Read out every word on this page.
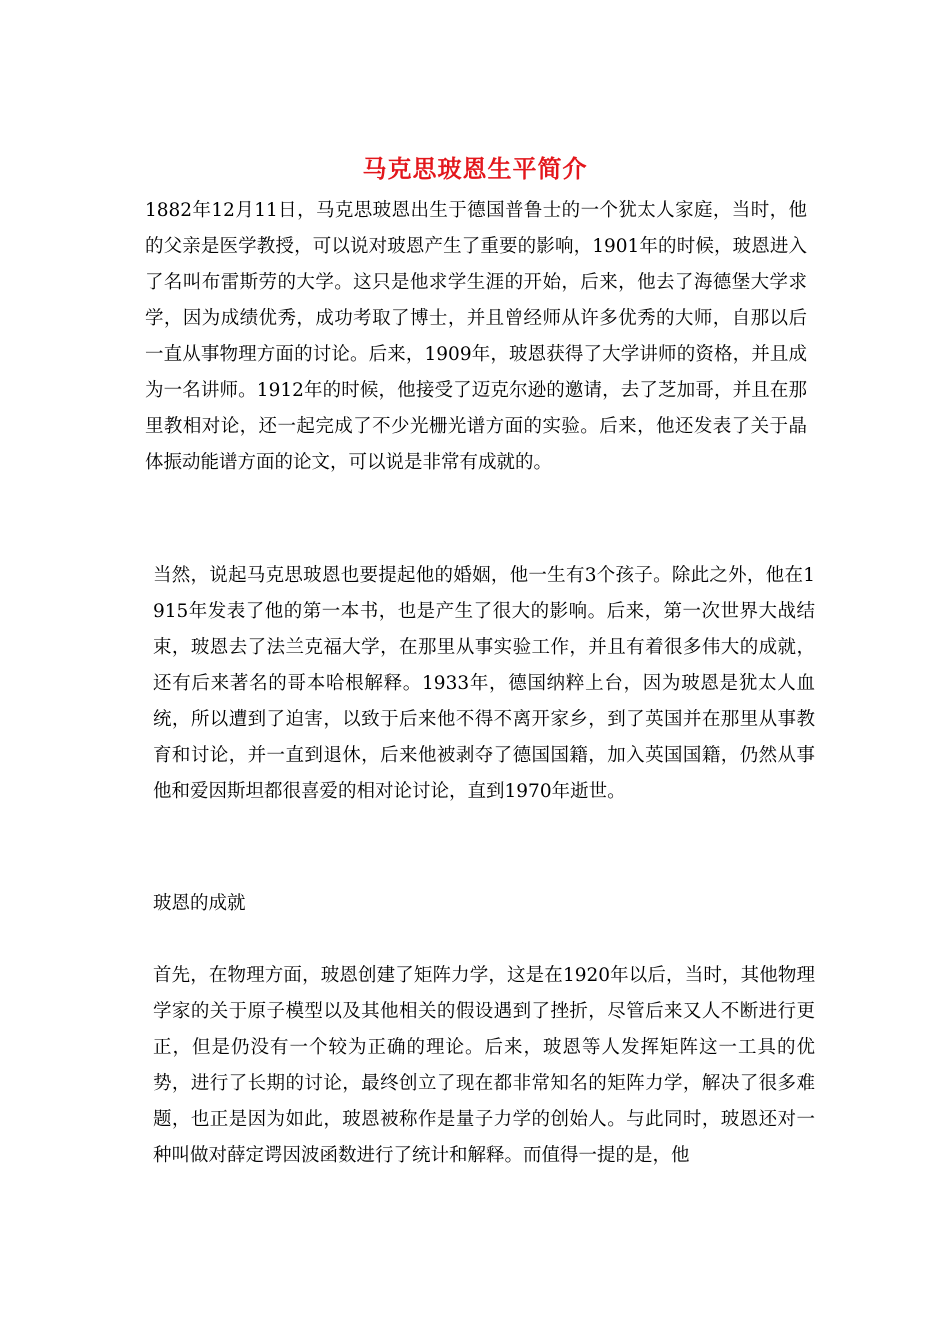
马克思玻恩生平简介

1882年12月11日，马克思玻恩出生于德国普鲁士的一个犹太人家庭，当时，他的父亲是医学教授，可以说对玻恩产生了重要的影响，1901年的时候，玻恩进入了名叫布雷斯劳的大学。这只是他求学生涯的开始，后来，他去了海德堡大学求学，因为成绩优秀，成功考取了博士，并且曾经师从许多优秀的大师，自那以后一直从事物理方面的讨论。后来，1909年，玻恩获得了大学讲师的资格，并且成为一名讲师。1912年的时候，他接受了迈克尔逊的邀请，去了芝加哥，并且在那里教相对论，还一起完成了不少光栅光谱方面的实验。后来，他还发表了关于晶体振动能谱方面的论文，可以说是非常有成就的。

当然，说起马克思玻恩也要提起他的婚姻，他一生有3个孩子。除此之外，他在1915年发表了他的第一本书，也是产生了很大的影响。后来，第一次世界大战结束，玻恩去了法兰克福大学，在那里从事实验工作，并且有着很多伟大的成就，还有后来著名的哥本哈根解释。1933年，德国纳粹上台，因为玻恩是犹太人血统，所以遭到了迫害，以致于后来他不得不离开家乡，到了英国并在那里从事教育和讨论，并一直到退休，后来他被剥夺了德国国籍，加入英国国籍，仍然从事他和爱因斯坦都很喜爱的相对论讨论，直到1970年逝世。

玻恩的成就

首先，在物理方面，玻恩创建了矩阵力学，这是在1920年以后，当时，其他物理学家的关于原子模型以及其他相关的假设遇到了挫折，尽管后来又人不断进行更正，但是仍没有一个较为正确的理论。后来，玻恩等人发挥矩阵这一工具的优势，进行了长期的讨论，最终创立了现在都非常知名的矩阵力学，解决了很多难题，也正是因为如此，玻恩被称作是量子力学的创始人。与此同时，玻恩还对一种叫做对薛定谔因波函数进行了统计和解释。而值得一提的是，他
